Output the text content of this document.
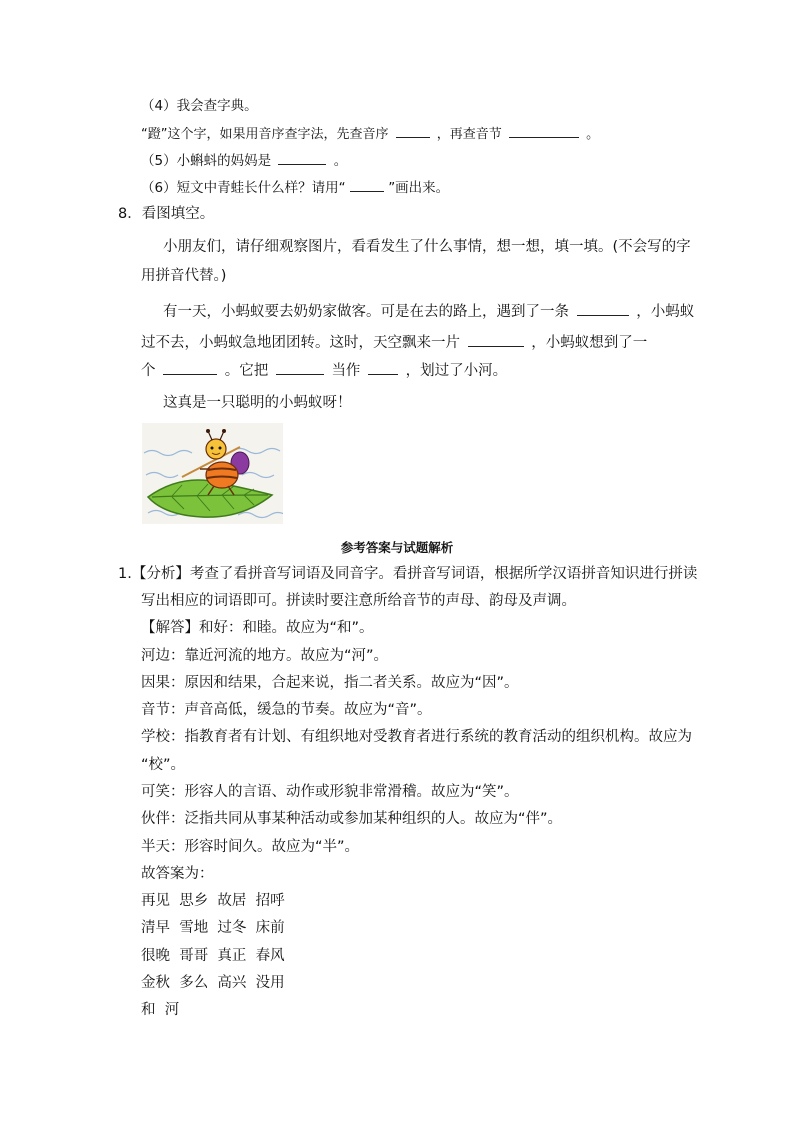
（4）我会查字典。
“蹬”这个字，如果用音序查字法，先查音序	，再查音节	。
（5）小蝌蚪的妈妈是	。
（6）短文中青蛙长什么样？请用“	”画出来。
8．看图填空。
小朋友们，请仔细观察图片，看看发生了什么事情，想一想，填一填。(不会写的字
用拼音代替。)
有一天，小蚂蚁要去奶奶家做客。可是在去的路上，遇到了一条	，小蚂蚁
过不去，小蚂蚁急地团团转。这时，天空飘来一片	，小蚂蚁想到了一
个	。它把	当作	，划过了小河。
这真是一只聪明的小蚂蚁呀！
参考答案与试题解析
1.【分析】考查了看拼音写词语及同音字。看拼音写词语，根据所学汉语拼音知识进行拼读
写出相应的词语即可。拼读时要注意所给音节的声母、韵母及声调。
【解答】和好：和睦。故应为“和”。
河边：靠近河流的地方。故应为“河”。
因果：原因和结果，合起来说，指二者关系。故应为“因”。
音节：声音高低，缓急的节奏。故应为“音”。
学校：指教育者有计划、有组织地对受教育者进行系统的教育活动的组织机构。故应为
“校”。
可笑：形容人的言语、动作或形貌非常滑稽。故应为“笑”。
伙伴：泛指共同从事某种活动或参加某种组织的人。故应为“伴”。
半天：形容时间久。故应为“半”。
故答案为：
再见  思乡  故居  招呼
清早  雪地  过冬  床前
很晚  哥哥  真正  春风
金秋  多么  高兴  没用
和  河
